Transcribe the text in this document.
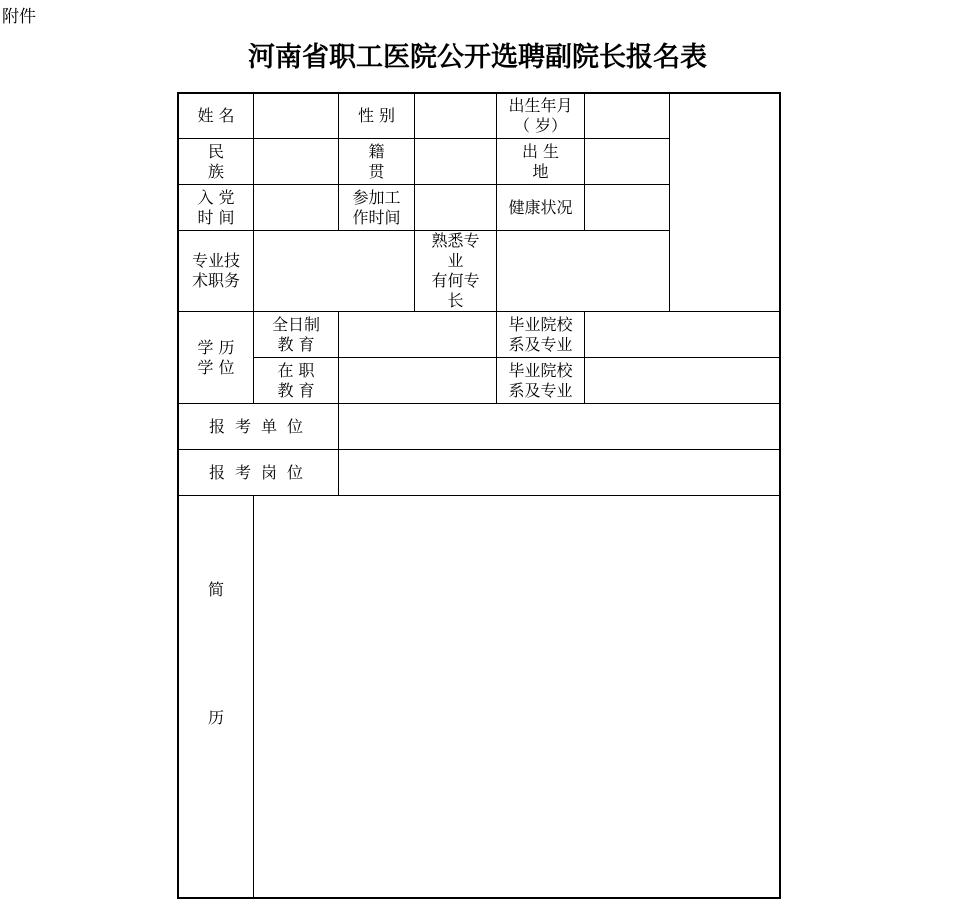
附件
河南省职工医院公开选聘副院长报名表
姓 名	性 别
出生年月
（ 岁）
民
族
籍
贯
出 生
地
入 党
时 间
参加工
作时间
健康状况
专业技
术职务
熟悉专
业
有何专
长
学 历
学 位
全日制
教 育
毕业院校
系及专业
在 职
教 育
毕业院校
系及专业
报考单位
报考岗位
简
历
